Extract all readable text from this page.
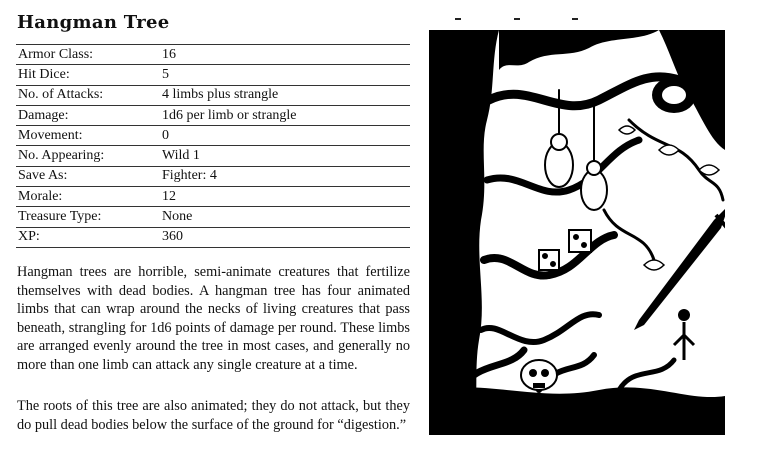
Hangman Tree
Armor Class:	16
Hit Dice:	5
No. of Attacks:	4 limbs plus strangle
Damage:	1d6 per limb or strangle
Movement:	0
No. Appearing:	Wild 1
Save As:	Fighter: 4
Morale:	12
Treasure Type:	None
XP:	360

Hangman trees are horrible, semi-animate creatures that fertilize themselves with dead bodies. A hangman tree has four animated limbs that can wrap around the necks of living creatures that pass beneath, strangling for 1d6 points of damage per round. These limbs are arranged evenly around the tree in most cases, and generally no more than one limb can attack any single creature at a time.

The roots of this tree are also animated; they do not attack, but they do pull dead bodies below the surface of the ground for “digestion.”
